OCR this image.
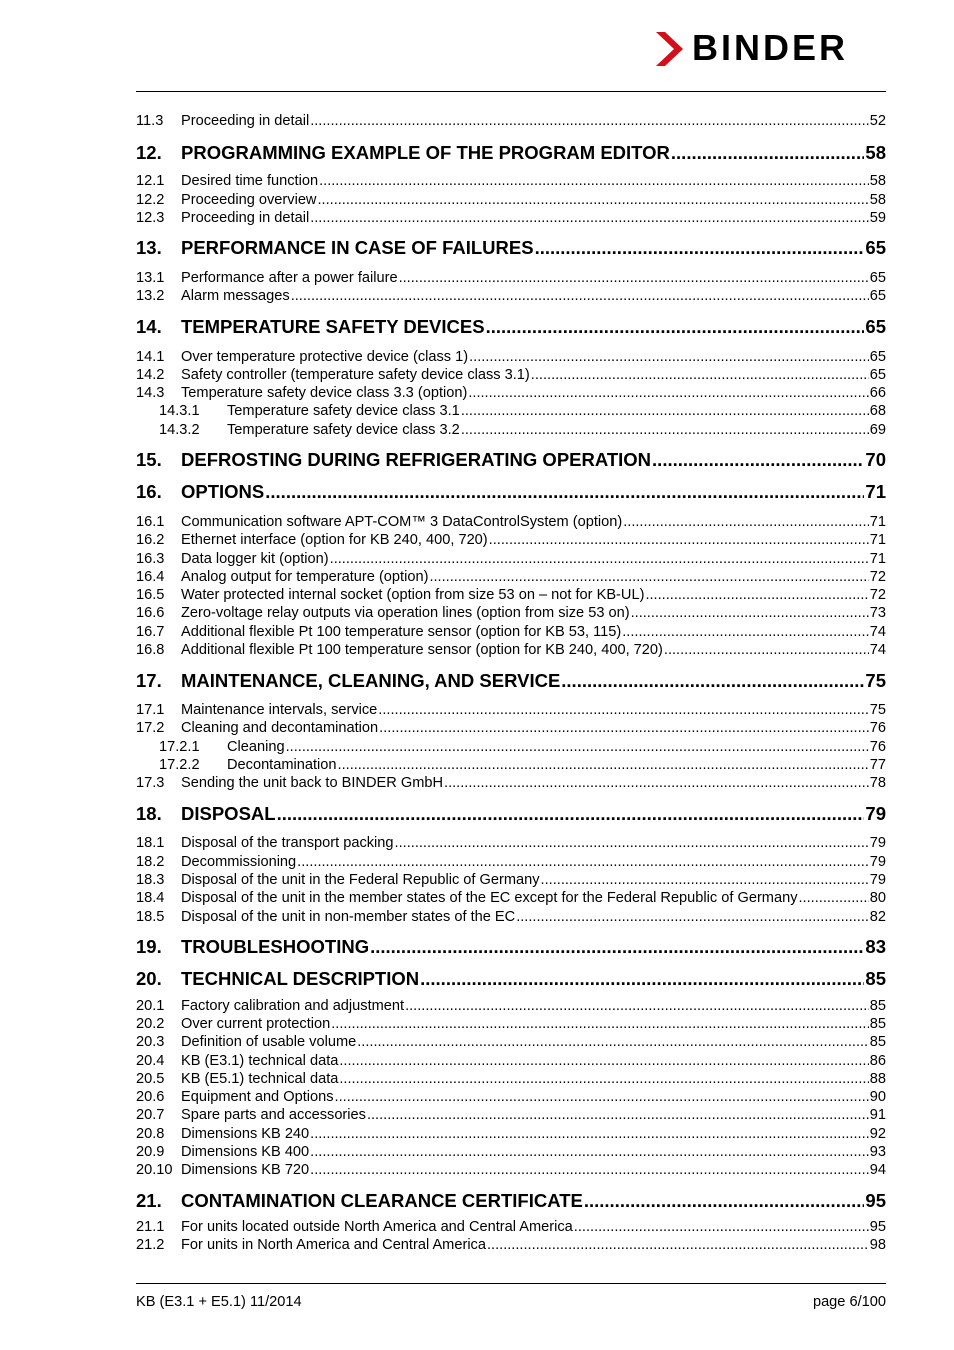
BINDER
11.3	Proceeding in detail .....	52
12.	PROGRAMMING EXAMPLE OF THE PROGRAM EDITOR .....	58
12.1	Desired time function .....	58
12.2	Proceeding overview .....	58
12.3	Proceeding in detail .....	59
13.	PERFORMANCE IN CASE OF FAILURES .....	65
13.1	Performance after a power failure .....	65
13.2	Alarm messages .....	65
14.	TEMPERATURE SAFETY DEVICES .....	65
14.1	Over temperature protective device (class 1) .....	65
14.2	Safety controller (temperature safety device class 3.1) .....	65
14.3	Temperature safety device class 3.3 (option) .....	66
14.3.1	Temperature safety device class 3.1 .....	68
14.3.2	Temperature safety device class 3.2 .....	69
15.	DEFROSTING DURING REFRIGERATING OPERATION .....	70
16.	OPTIONS .....	71
16.1	Communication software APT-COM™ 3 DataControlSystem (option) .....	71
16.2	Ethernet interface (option for KB 240, 400, 720) .....	71
16.3	Data logger kit (option) .....	71
16.4	Analog output for temperature (option) .....	72
16.5	Water protected internal socket (option from size 53 on – not for KB-UL) .....	72
16.6	Zero-voltage relay outputs via operation lines (option from size 53 on) .....	73
16.7	Additional flexible Pt 100 temperature sensor (option for KB 53, 115) .....	74
16.8	Additional flexible Pt 100 temperature sensor (option for KB 240, 400, 720) .....	74
17.	MAINTENANCE, CLEANING, AND SERVICE .....	75
17.1	Maintenance intervals, service .....	75
17.2	Cleaning and decontamination .....	76
17.2.1	Cleaning .....	76
17.2.2	Decontamination .....	77
17.3	Sending the unit back to BINDER GmbH .....	78
18.	DISPOSAL .....	79
18.1	Disposal of the transport packing .....	79
18.2	Decommissioning .....	79
18.3	Disposal of the unit in the Federal Republic of Germany .....	79
18.4	Disposal of the unit in the member states of the EC except for the Federal Republic of Germany .....	80
18.5	Disposal of the unit in non-member states of the EC .....	82
19.	TROUBLESHOOTING .....	83
20.	TECHNICAL DESCRIPTION .....	85
20.1	Factory calibration and adjustment .....	85
20.2	Over current protection .....	85
20.3	Definition of usable volume .....	85
20.4	KB (E3.1) technical data .....	86
20.5	KB (E5.1) technical data .....	88
20.6	Equipment and Options .....	90
20.7	Spare parts and accessories .....	91
20.8	Dimensions KB 240 .....	92
20.9	Dimensions KB 400 .....	93
20.10 Dimensions KB 720 .....	94
21.	CONTAMINATION CLEARANCE CERTIFICATE .....	95
21.1	For units located outside North America and Central America .....	95
21.2	For units in North America and Central America .....	98
KB (E3.1 + E5.1) 11/2014	page 6/100
